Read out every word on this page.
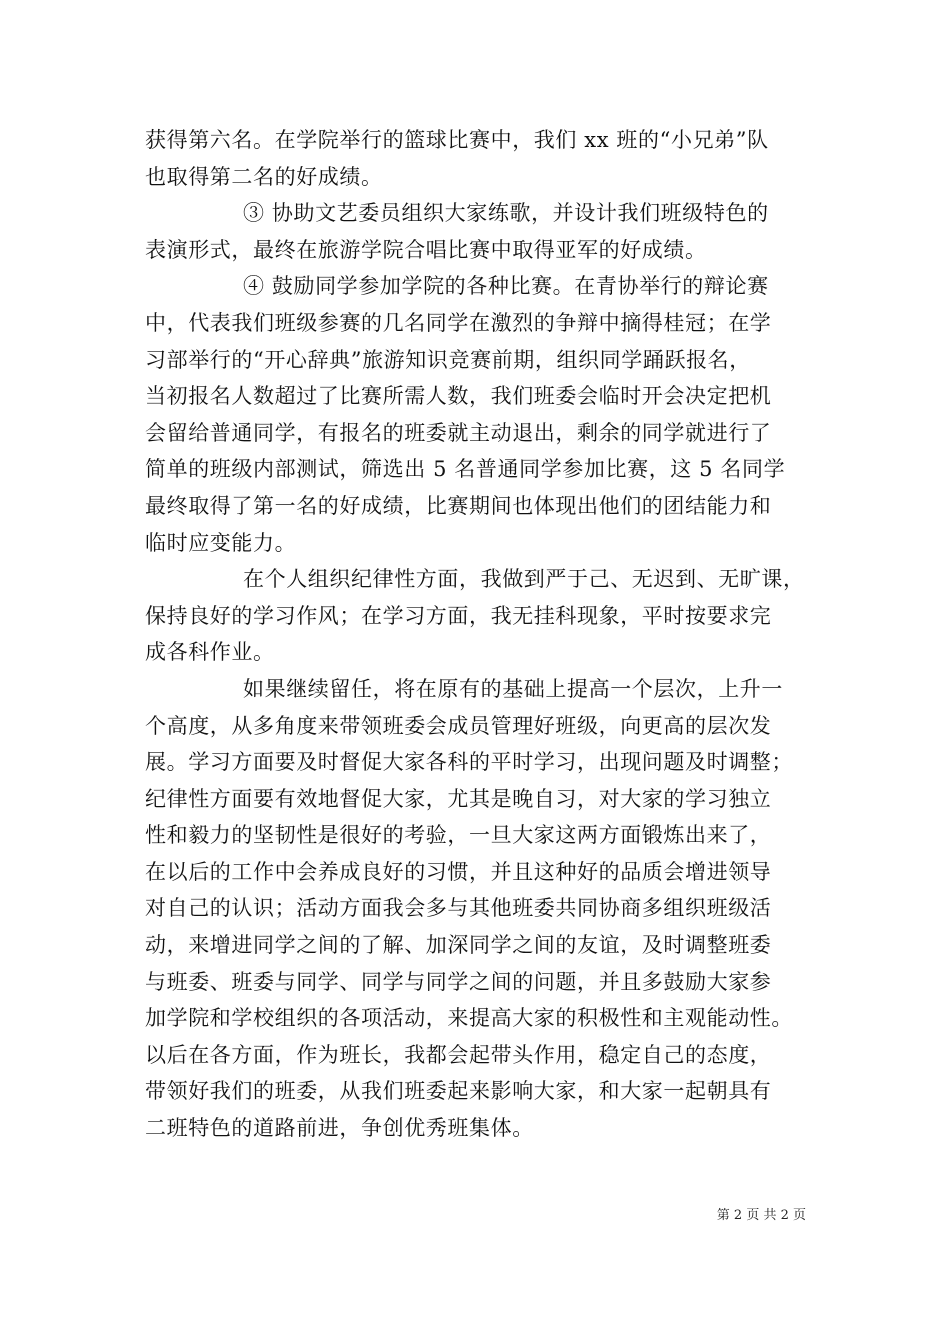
获得第六名。在学院举行的篮球比赛中，我们 xx 班的“小兄弟”队
也取得第二名的好成绩。
③ 协助文艺委员组织大家练歌，并设计我们班级特色的
表演形式，最终在旅游学院合唱比赛中取得亚军的好成绩。
④ 鼓励同学参加学院的各种比赛。在青协举行的辩论赛
中，代表我们班级参赛的几名同学在激烈的争辩中摘得桂冠；在学
习部举行的“开心辞典”旅游知识竞赛前期，组织同学踊跃报名，
当初报名人数超过了比赛所需人数，我们班委会临时开会决定把机
会留给普通同学，有报名的班委就主动退出，剩余的同学就进行了
简单的班级内部测试，筛选出 5 名普通同学参加比赛，这 5 名同学
最终取得了第一名的好成绩，比赛期间也体现出他们的团结能力和
临时应变能力。
在个人组织纪律性方面，我做到严于己、无迟到、无旷课，
保持良好的学习作风；在学习方面，我无挂科现象，平时按要求完
成各科作业。
如果继续留任，将在原有的基础上提高一个层次，上升一
个高度，从多角度来带领班委会成员管理好班级，向更高的层次发
展。学习方面要及时督促大家各科的平时学习，出现问题及时调整；
纪律性方面要有效地督促大家，尤其是晚自习，对大家的学习独立
性和毅力的坚韧性是很好的考验，一旦大家这两方面锻炼出来了，
在以后的工作中会养成良好的习惯，并且这种好的品质会增进领导
对自己的认识；活动方面我会多与其他班委共同协商多组织班级活
动，来增进同学之间的了解、加深同学之间的友谊，及时调整班委
与班委、班委与同学、同学与同学之间的问题，并且多鼓励大家参
加学院和学校组织的各项活动，来提高大家的积极性和主观能动性。
以后在各方面，作为班长，我都会起带头作用，稳定自己的态度，
带领好我们的班委，从我们班委起来影响大家，和大家一起朝具有
二班特色的道路前进，争创优秀班集体。
第 2 页 共 2 页
